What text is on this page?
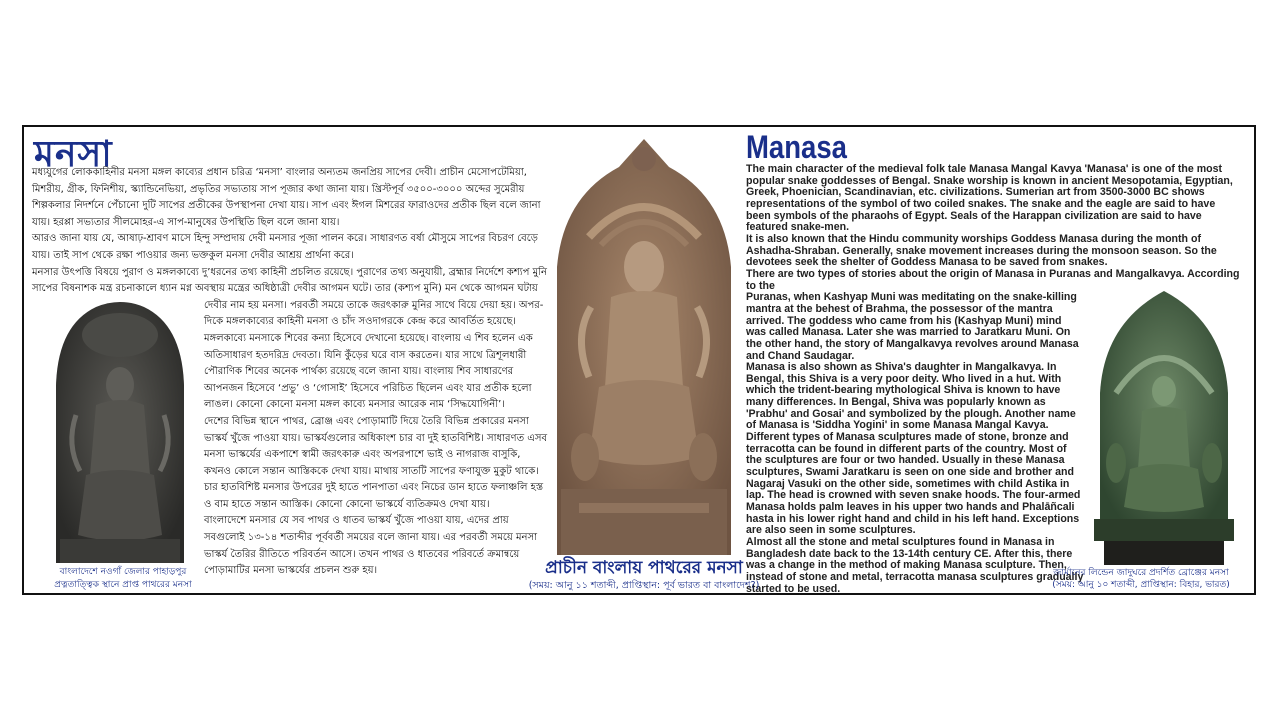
মনসা

মধ্যযুগের লোককাহিনীর মনসা মঙ্গল কাব্যের প্রধান চরিত্র ‘মনসা’ বাংলার অন্যতম জনপ্রিয় সাপের দেবী। প্রাচীন মেসোপটেমিয়া, মিশরীয়, গ্রীক, ফিনিশীয়, স্ক্যান্ডিনেভিয়া, প্রভৃতির সভ্যতায় সাপ পূজার কথা জানা যায়। খ্রিস্টপূর্ব ৩৫০০-৩০০০ অব্দের সুমেরীয় শিল্পকলার নিদর্শনে পেঁচানো দুটি সাপের প্রতীকের উপস্থাপনা দেখা যায়। সাপ এবং ঈগল মিশরের ফারাওদের প্রতীক ছিল বলে জানা যায়। হরপ্পা সভ্যতার সীলমোহর-এ সাপ-মানুষের উপস্থিতি ছিল বলে জানা যায়।

আরও জানা যায় যে, আষাঢ়-শ্রাবণ মাসে হিন্দু সম্প্রদায় দেবী মনসার পূজা পালন করে। সাধারণত বর্ষা মৌসুমে সাপের বিচরণ বেড়ে যায়। তাই সাপ থেকে রক্ষা পাওয়ার জন্য ভক্তকুল মনসা দেবীর আশ্রয় প্রার্থনা করে।

মনসার উৎপত্তি বিষয়ে পুরাণ ও মঙ্গলকাব্যে দু’ধরনের তথ্য কাহিনী প্রচলিত রয়েছে। পুরাণের তথ্য অনুযায়ী, ব্রহ্মার নির্দেশে কশ্যপ মুনি সাপের বিষনাশক মন্ত্র রচনাকালে ধ্যান মগ্ন অবস্থায় মন্ত্রের অধিষ্ঠাত্রী দেবীর আগমন ঘটে। তার (কশ্যপ মুনি) মন থেকে আগমন ঘটায়

দেবীর নাম হয় মনসা। পরবর্তী সময়ে তাকে জরৎকারু মুনির সাথে বিয়ে দেয়া হয়। অপর-দিকে মঙ্গলকাব্যের কাহিনী মনসা ও চাঁদ সওদাগরকে কেন্দ্র করে আবর্তিত হয়েছে।

মঙ্গলকাব্যে মনসাকে শিবের কন্যা হিসেবে দেখানো হয়েছে। বাংলায় এ শিব হলেন এক অতিসাধারণ হতদরিদ্র দেবতা। যিনি কুঁড়ের ঘরে বাস করতেন। যার সাথে ত্রিশূলধারী পৌরাণিক শিবের অনেক পার্থক্য রয়েছে বলে জানা যায়। বাংলায় শিব সাধারণের আপনজন হিসেবে ‘প্রভু’ ও ‘গোসাই’ হিসেবে পরিচিত ছিলেন এবং যার প্রতীক হলো লাঙল। কোনো কোনো মনসা মঙ্গল কাব্যে মনসার আরেক নাম ‘সিদ্ধযোগিনী’।

দেশের বিভিন্ন স্থানে পাথর, ব্রোঞ্জ এবং পোড়ামাটি দিয়ে তৈরি বিভিন্ন প্রকারের মনসা ভাস্কর্য খুঁজে পাওয়া যায়। ভাস্কর্যগুলোর অধিকাংশ চার বা দুই হাতবিশিষ্ট। সাধারণত এসব মনসা ভাস্কর্যের একপাশে স্বামী জরৎকারু এবং অপরপাশে ভাই ও নাগরাজ বাসুকি, কখনও কোলে সন্তান আস্তিককে দেখা যায়। মাথায় সাতটি সাপের ফণাযুক্ত মুকুট থাকে। চার হাতবিশিষ্ট মনসার উপরের দুই হাতে পানপাতা এবং নিচের ডান হাতে ফলাঞ্চলি হস্ত ও বাম হাতে সন্তান আস্তিক। কোনো কোনো ভাস্কর্যে ব্যতিক্রমও দেখা যায়।

বাংলাদেশে মনসার যে সব পাথর ও ধাতব ভাস্কর্য খুঁজে পাওয়া যায়, এদের প্রায় সবগুলোই ১৩-১৪ শতাব্দীর পূর্ববর্তী সময়ের বলে জানা যায়। এর পরবর্তী সময়ে মনসা ভাস্কর্য তৈরির রীতিতে পরিবর্তন আসে। তখন পাথর ও ধাতবের পরিবর্তে ক্রমান্বয়ে পোড়ামাটির মনসা ভাস্কর্যের প্রচলন শুরু হয়।

Manasa

The main character of the medieval folk tale Manasa Mangal Kavya 'Manasa' is one of the most popular snake goddesses of Bengal. Snake worship is known in ancient Mesopotamia, Egyptian, Greek, Phoenician, Scandinavian, etc. civilizations. Sumerian art from 3500-3000 BC shows representations of the symbol of two coiled snakes. The snake and the eagle are said to have been symbols of the pharaohs of Egypt. Seals of the Harappan civilization are said to have featured snake-men.

It is also known that the Hindu community worships Goddess Manasa during the month of Ashadha-Shraban. Generally, snake movement increases during the monsoon season. So the devotees seek the shelter of Goddess Manasa to be saved from snakes.

There are two types of stories about the origin of Manasa in Puranas and Mangalkavya. According to the

Puranas, when Kashyap Muni was meditating on the snake-killing mantra at the behest of Brahma, the possessor of the mantra arrived. The goddess who came from his (Kashyap Muni) mind was called Manasa. Later she was married to Jaratkaru Muni. On the other hand, the story of Mangalkavya revolves around Manasa and Chand Saudagar.

Manasa is also shown as Shiva's daughter in Mangalkavya. In Bengal, this Shiva is a very poor deity. Who lived in a hut. With which the trident-bearing mythological Shiva is known to have many differences. In Bengal, Shiva was popularly known as 'Prabhu' and Gosai' and symbolized by the plough. Another name of Manasa is 'Siddha Yogini' in some Manasa Mangal Kavya.

Different types of Manasa sculptures made of stone, bronze and terracotta can be found in different parts of the country. Most of the sculptures are four or two handed. Usually in these Manasa sculptures, Swami Jaratkaru is seen on one side and brother and Nagaraj Vasuki on the other side, sometimes with child Astika in lap. The head is crowned with seven snake hoods. The four-armed Manasa holds palm leaves in his upper two hands and Phalāñcali hasta in his lower right hand and child in his left hand. Exceptions are also seen in some sculptures.

Almost all the stone and metal sculptures found in Manasa in Bangladesh date back to the 13-14th century CE. After this, there was a change in the method of making Manasa sculpture. Then, instead of stone and metal, terracotta manasa sculptures gradually started to be used.

বাংলাদেশে নওগাঁ জেলার পাহাড়পুর
প্রত্নতাত্ত্বিক স্থানে প্রাপ্ত পাথরের মনসা
প্রাচীন বাংলায় পাথরের মনসা
(সময়: আনু ১১ শতাব্দী, প্রাপ্তিস্থান: পূর্ব ভারত বা বাংলাদেশ?)
জার্মানের লিন্ডেন জাদুঘরে প্রদর্শিত ব্রোঞ্জের মনসা
(সময়: আনু ১০ শতাব্দী, প্রাপ্তিস্থান: বিহার, ভারত)
